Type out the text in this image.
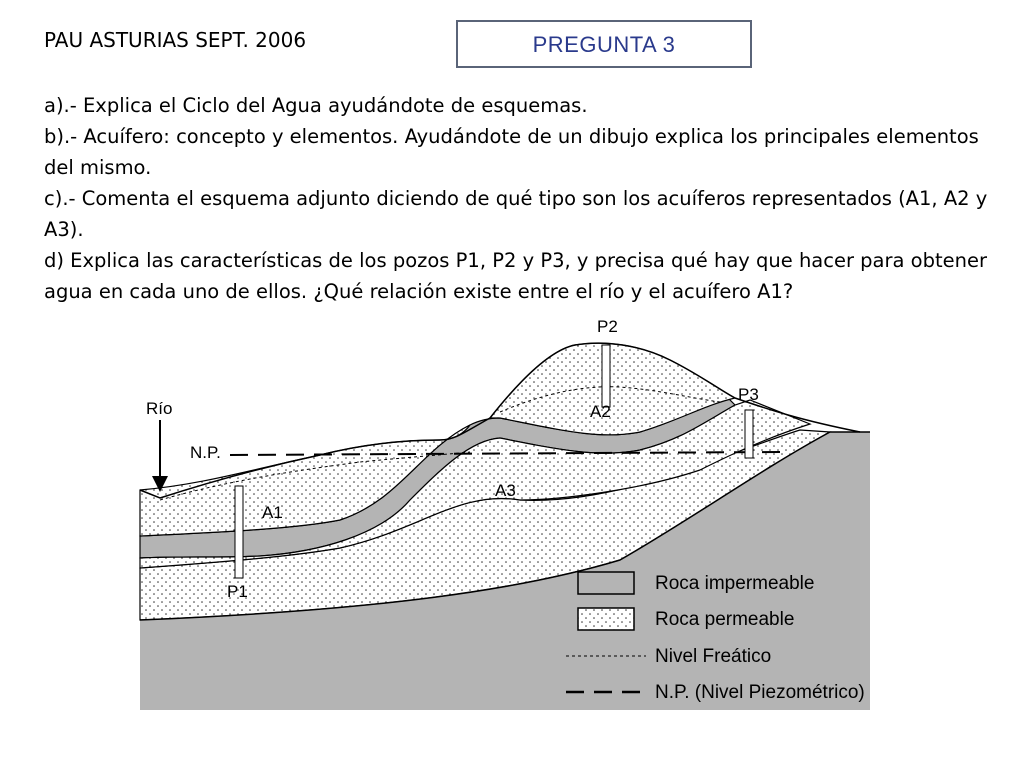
PAU ASTURIAS SEPT. 2006	PREGUNTA 3

a).- Explica el Ciclo del Agua ayudándote de esquemas.

b).- Acuífero: concepto y elementos. Ayudándote de un dibujo explica los principales elementos del mismo.

c).- Comenta el esquema adjunto diciendo de qué tipo son los acuíferos representados (A1, A2 y A3).

d) Explica las características de los pozos P1, P2 y P3, y precisa qué hay que hacer para obtener agua en cada uno de ellos. ¿Qué relación existe entre el río y el acuífero A1?

Río
N.P.
P1
P2
P3
A1
A2
A3
Roca impermeable
Roca permeable
Nivel Freático
N.P. (Nivel Piezométrico)
